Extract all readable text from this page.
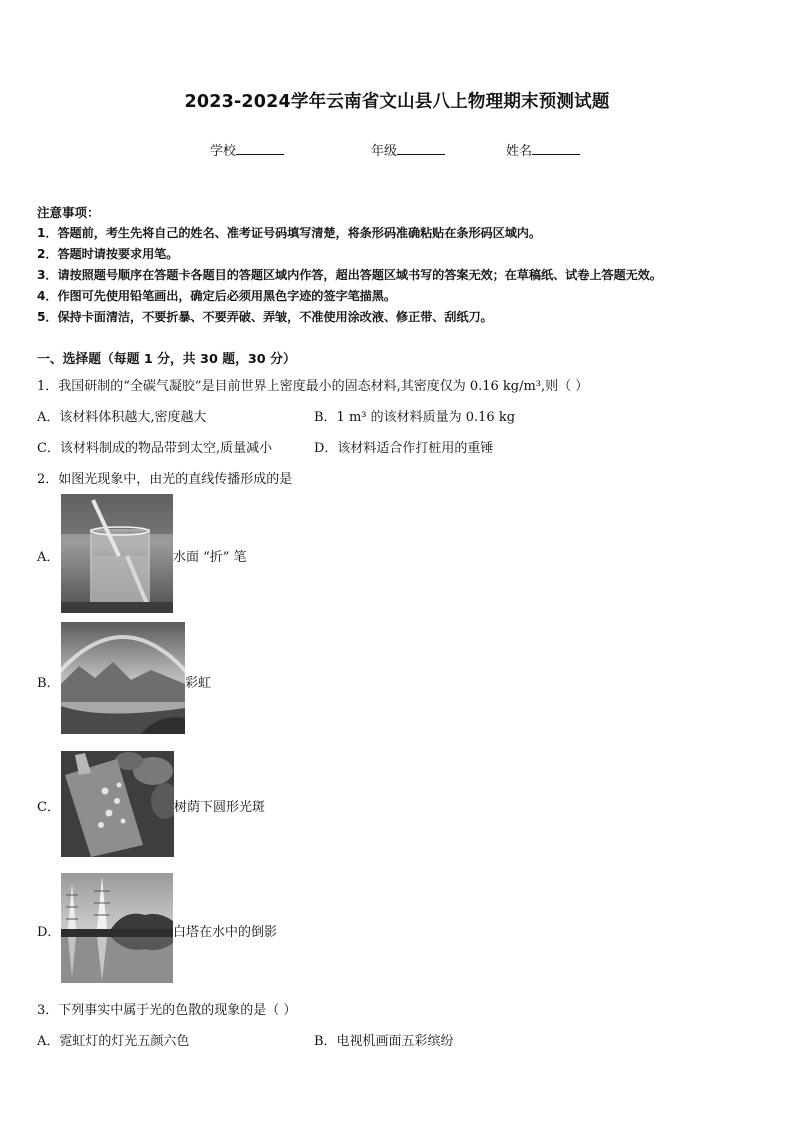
2023-2024学年云南省文山县八上物理期末预测试题
学校	年级	姓名
注意事项：
1．答题前，考生先将自己的姓名、准考证号码填写清楚，将条形码准确粘贴在条形码区域内。
2．答题时请按要求用笔。
3．请按照题号顺序在答题卡各题目的答题区域内作答，超出答题区域书写的答案无效；在草稿纸、试卷上答题无效。
4．作图可先使用铅笔画出，确定后必须用黑色字迹的签字笔描黑。
5．保持卡面清洁，不要折暴、不要弄破、弄皱，不准使用涂改液、修正带、刮纸刀。
一、选择题（每题 1 分，共 30 题，30 分）
1．我国研制的“全碳气凝胶”是目前世界上密度最小的固态材料,其密度仅为 0.16 kg/m³,则（ ）
A．该材料体积越大,密度越大	B．1 m³ 的该材料质量为 0.16 kg
C．该材料制成的物品带到太空,质量减小	D．该材料适合作打桩用的重锤
2．如图光现象中，由光的直线传播形成的是
A．	水面 “折” 笔
B．	彩虹
C．	树荫下圆形光斑
D．	白塔在水中的倒影
3．下列事实中属于光的色散的现象的是（ ）
A．霓虹灯的灯光五颜六色	B．电视机画面五彩缤纷
